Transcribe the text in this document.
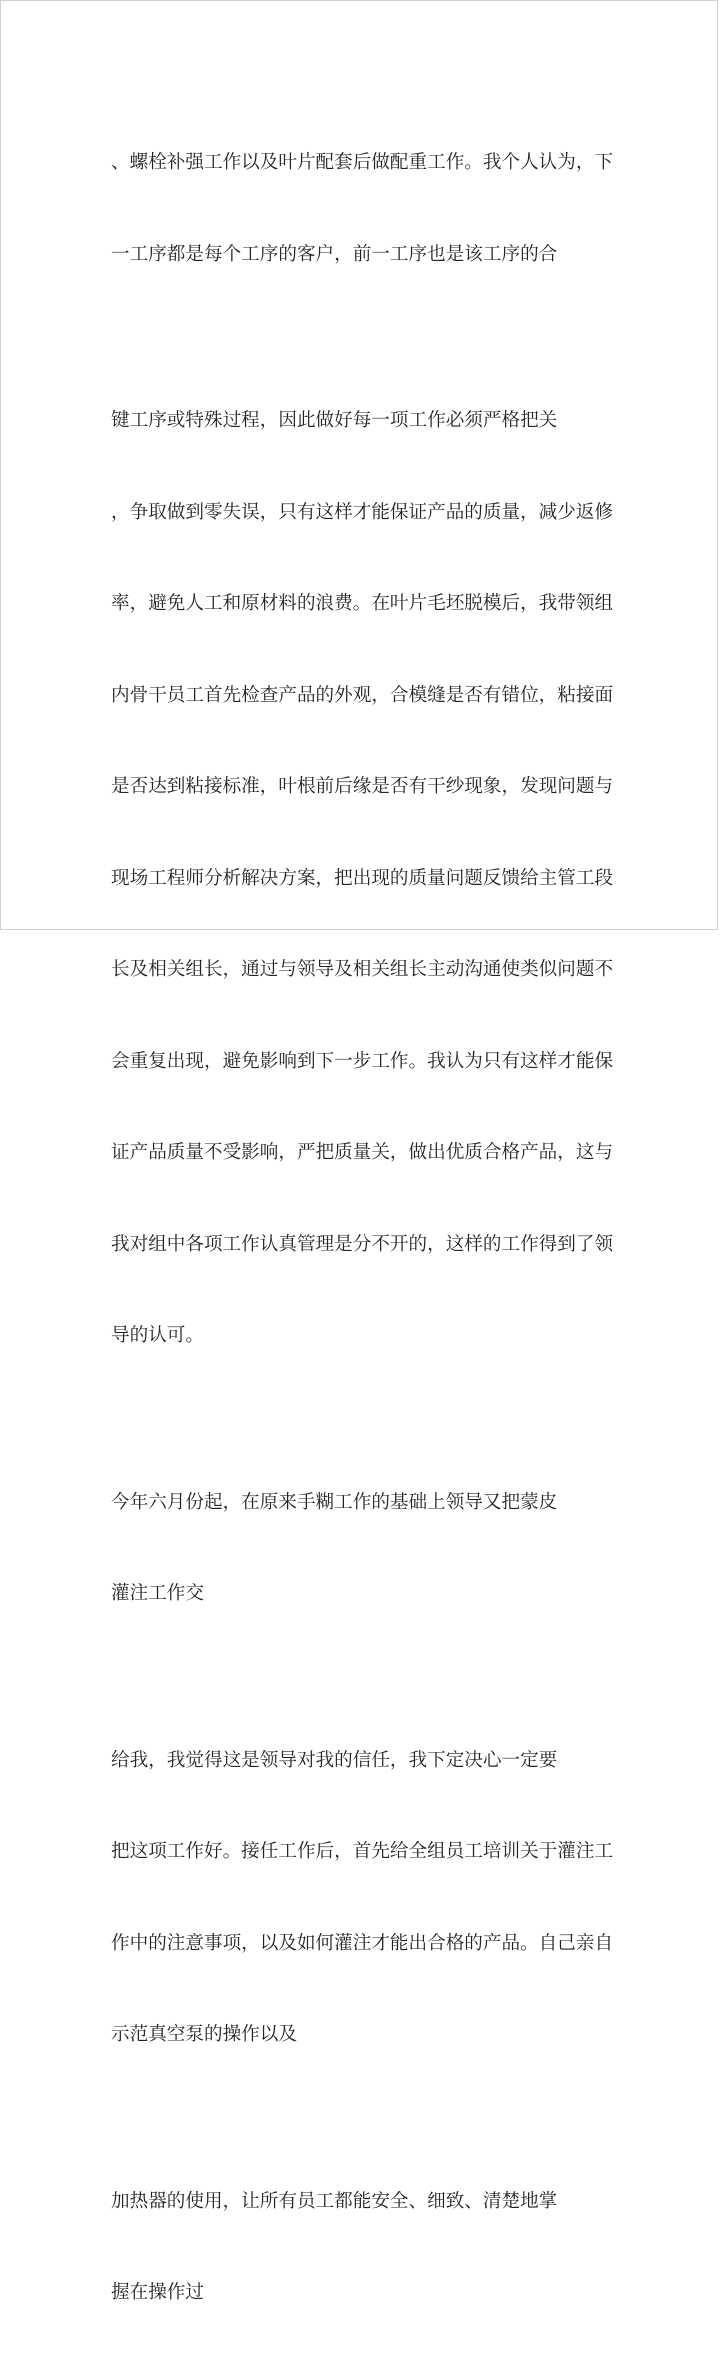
、螺栓补强工作以及叶片配套后做配重工作。我个人认为，下

一工序都是每个工序的客户，前一工序也是该工序的合

键工序或特殊过程，因此做好每一项工作必须严格把关

，争取做到零失误，只有这样才能保证产品的质量，减少返修

率，避免人工和原材料的浪费。在叶片毛坯脱模后，我带领组

内骨干员工首先检查产品的外观，合模缝是否有错位，粘接面

是否达到粘接标准，叶根前后缘是否有干纱现象，发现问题与

现场工程师分析解决方案，把出现的质量问题反馈给主管工段

长及相关组长，通过与领导及相关组长主动沟通使类似问题不

会重复出现，避免影响到下一步工作。我认为只有这样才能保

证产品质量不受影响，严把质量关，做出优质合格产品，这与

我对组中各项工作认真管理是分不开的，这样的工作得到了领

导的认可。

今年六月份起，在原来手糊工作的基础上领导又把蒙皮

灌注工作交

给我，我觉得这是领导对我的信任，我下定决心一定要

把这项工作好。接任工作后，首先给全组员工培训关于灌注工

作中的注意事项，以及如何灌注才能出合格的产品。自己亲自

示范真空泵的操作以及

加热器的使用，让所有员工都能安全、细致、清楚地掌

握在操作过
